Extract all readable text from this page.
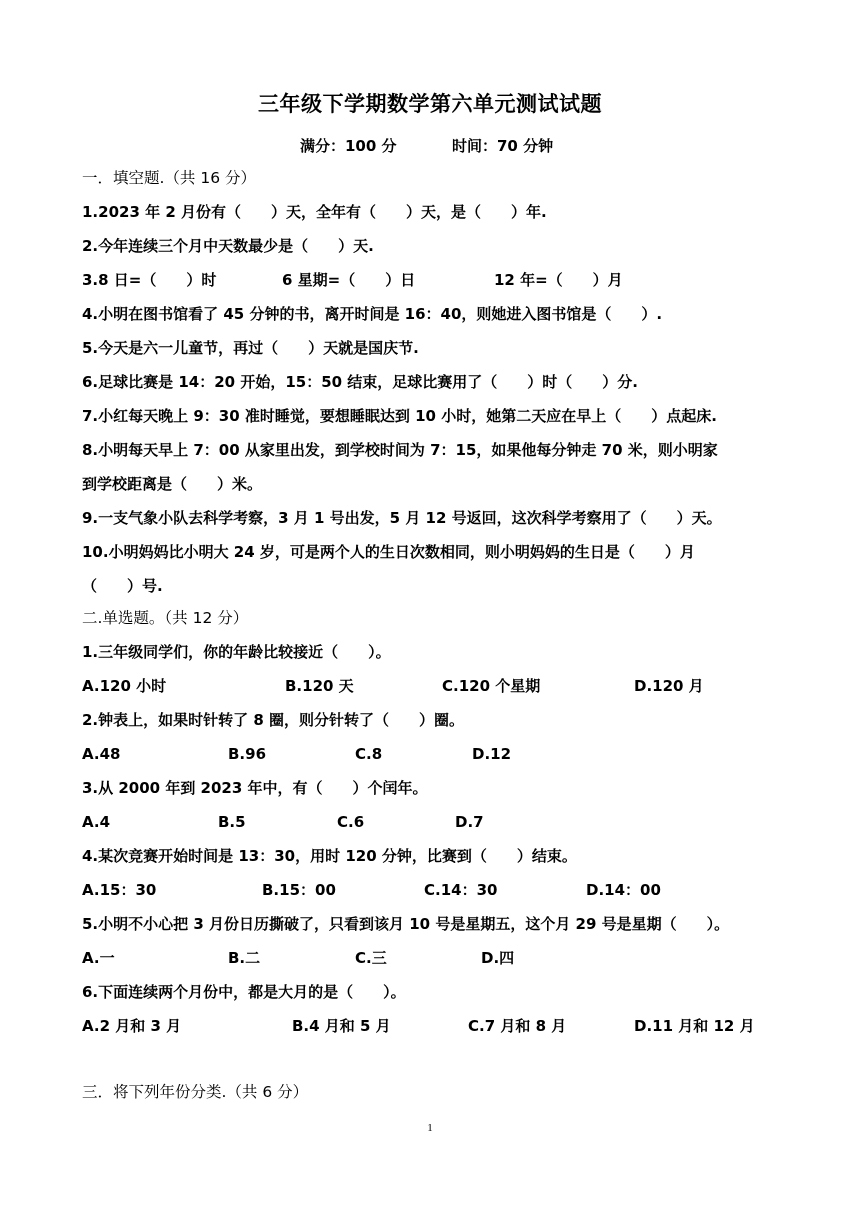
三年级下学期数学第六单元测试试题
满分：100 分	时间：70 分钟
一．填空题.（共 16 分）
1.2023 年 2 月份有（　　）天，全年有（　　）天，是（　　）年.
2.今年连续三个月中天数最少是（　　）天.
3.8 日=（　　）时	6 星期=（　　）日	12 年=（　　）月
4.小明在图书馆看了 45 分钟的书，离开时间是 16：40，则她进入图书馆是（　　）.
5.今天是六一儿童节，再过（　　）天就是国庆节.
6.足球比赛是 14：20 开始，15：50 结束，足球比赛用了（　　）时（　　）分.
7.小红每天晚上 9：30 准时睡觉，要想睡眠达到 10 小时，她第二天应在早上（　　）点起床.
8.小明每天早上 7：00 从家里出发，到学校时间为 7：15，如果他每分钟走 70 米，则小明家
到学校距离是（　　）米。
9.一支气象小队去科学考察，3 月 1 号出发，5 月 12 号返回，这次科学考察用了（　　）天。
10.小明妈妈比小明大 24 岁，可是两个人的生日次数相同，则小明妈妈的生日是（　　）月
（　　）号.
二.单选题。（共 12 分）
1.三年级同学们，你的年龄比较接近（　　）。
A.120 小时	B.120 天	C.120 个星期	D.120 月
2.钟表上，如果时针转了 8 圈，则分针转了（　　）圈。
A.48	B.96	C.8	D.12
3.从 2000 年到 2023 年中，有（　　）个闰年。
A.4	B.5	C.6	D.7
4.某次竞赛开始时间是 13：30，用时 120 分钟，比赛到（　　）结束。
A.15：30	B.15：00	C.14：30	D.14：00
5.小明不小心把 3 月份日历撕破了，只看到该月 10 号是星期五，这个月 29 号是星期（　　）。
A.一	B.二	C.三	D.四
6.下面连续两个月份中，都是大月的是（　　）。
A.2 月和 3 月	B.4 月和 5 月	C.7 月和 8 月	D.11 月和 12 月
三．将下列年份分类.（共 6 分）
1
